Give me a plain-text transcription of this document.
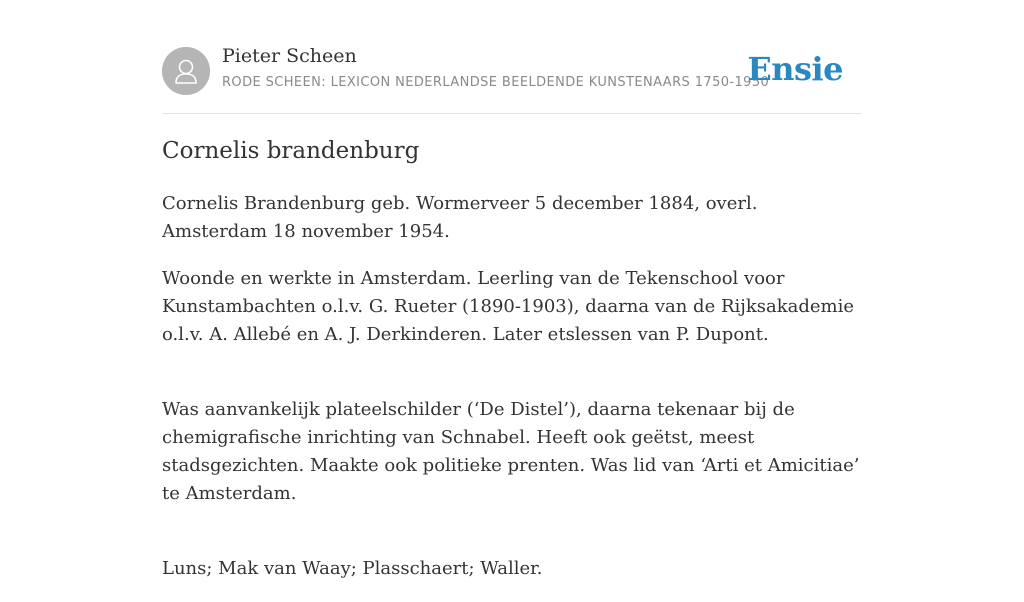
Pieter Scheen
RODE SCHEEN: LEXICON NEDERLANDSE BEELDENDE KUNSTENAARS 1750-1950
Ensie
Cornelis brandenburg

Cornelis Brandenburg geb. Wormerveer 5 december 1884, overl. Amsterdam 18 november 1954.

Woonde en werkte in Amsterdam. Leerling van de Tekenschool voor Kunstambachten o.l.v. G. Rueter (1890-1903), daarna van de Rijksakademie o.l.v. A. Allebé en A. J. Derkinderen. Later etslessen van P. Dupont.

Was aanvankelijk plateelschilder (‘De Distel’), daarna tekenaar bij de chemigrafische inrichting van Schnabel. Heeft ook geëtst, meest stadsgezichten. Maakte ook politieke prenten. Was lid van ‘Arti et Amicitiae’ te Amsterdam.

Luns; Mak van Waay; Plasschaert; Waller.
